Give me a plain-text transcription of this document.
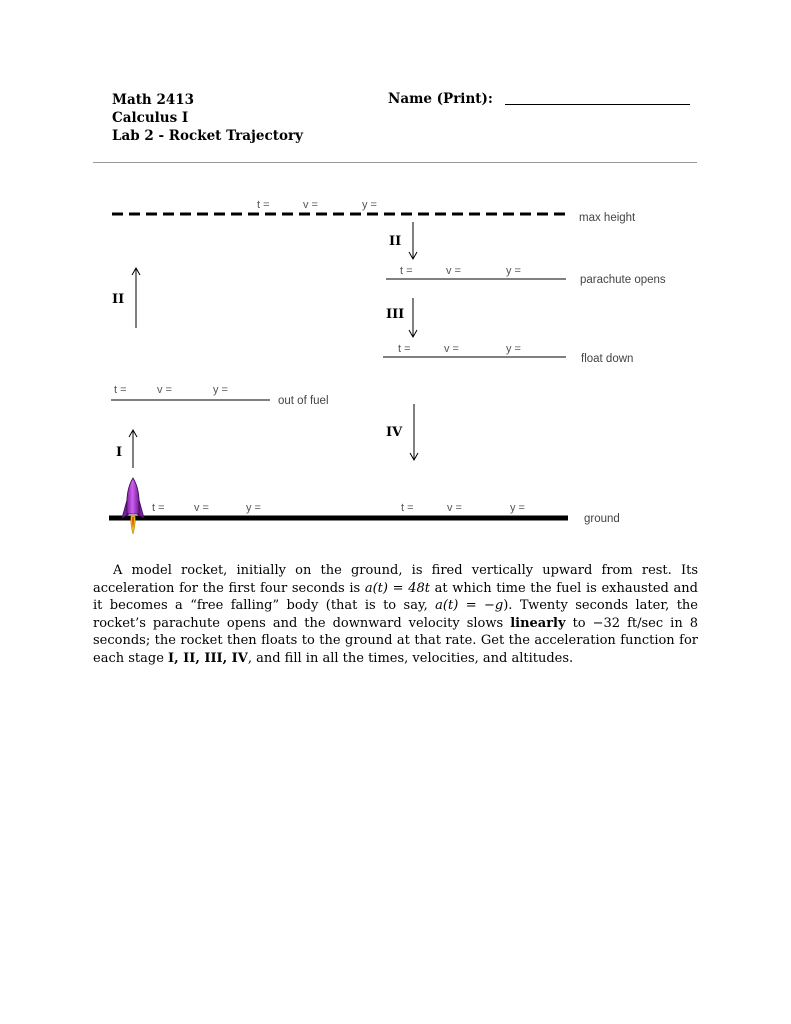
Math 2413
Calculus I
Lab 2 - Rocket Trajectory
Name (Print):
II
I
II
III
IV
max height
parachute opens
float down
out of fuel
ground
t =	v =	y =
t =	v =	y =
t =	v =	y =
t =	v =	y =
t =	v =	y =	t =	v =	y =
A model rocket, initially on the ground, is fired vertically upward from rest. Its acceleration for the first four seconds is a(t) = 48t at which time the fuel is exhausted and it becomes a “free falling” body (that is to say, a(t) = −g). Twenty seconds later, the rocket’s parachute opens and the downward velocity slows linearly to −32 ft/sec in 8 seconds; the rocket then floats to the ground at that rate. Get the acceleration function for each stage I, II, III, IV, and fill in all the times, velocities, and altitudes.
